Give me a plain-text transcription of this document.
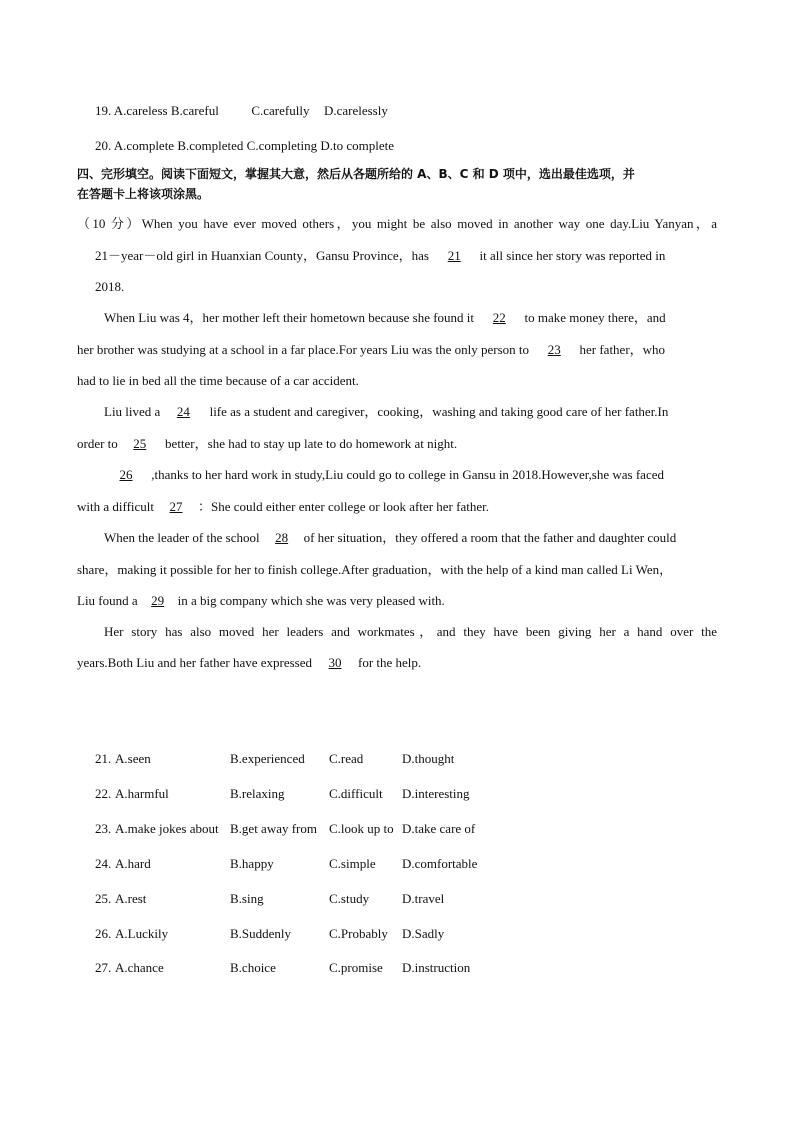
19. A.careless B.careful	C.carefully D.carelessly
20. A.complete B.completed C.completing D.to complete
四、完形填空。阅读下面短文，掌握其大意，然后从各题所给的 A、B、C 和 D 项中，选出最佳选项，并
在答题卡上将该项涂黑。
（10 分）When you have ever moved others，you might be also moved in another way one day.Liu Yanyan，a
21－year－old girl in Huanxian County，Gansu Province，has 21 it all since her story was reported in
2018.
When Liu was 4，her mother left their hometown because she found it 22 to make money there，and
her brother was studying at a school in a far place.For years Liu was the only person to 23 her father，who
had to lie in bed all the time because of a car accident.
Liu lived a 24 life as a student and caregiver，cooking，washing and taking good care of her father.In
order to 25 better，she had to stay up late to do homework at night.
26 ,thanks to her hard work in study,Liu could go to college in Gansu in 2018.However,she was faced
with a difficult 27 ：She could either enter college or look after her father.
When the leader of the school 28 of her situation，they offered a room that the father and daughter could
share，making it possible for her to finish college.After graduation，with the help of a kind man called Li Wen，
Liu found a 29 in a big company which she was very pleased with.
Her story has also moved her leaders and workmates，and they have been giving her a hand over the
years.Both Liu and her father have expressed 30 for the help.
21. A.seen	B.experienced C.read	D.thought
22. A.harmful	B.relaxing	C.difficult D.interesting
23. A.make jokes about B.get away from C.look up to D.take care of
24. A.hard	B.happy	C.simple D.comfortable
25. A.rest	B.sing	C.study	D.travel
26. A.Luckily	B.Suddenly	C.Probably D.Sadly
27. A.chance	B.choice	C.promise D.instruction
